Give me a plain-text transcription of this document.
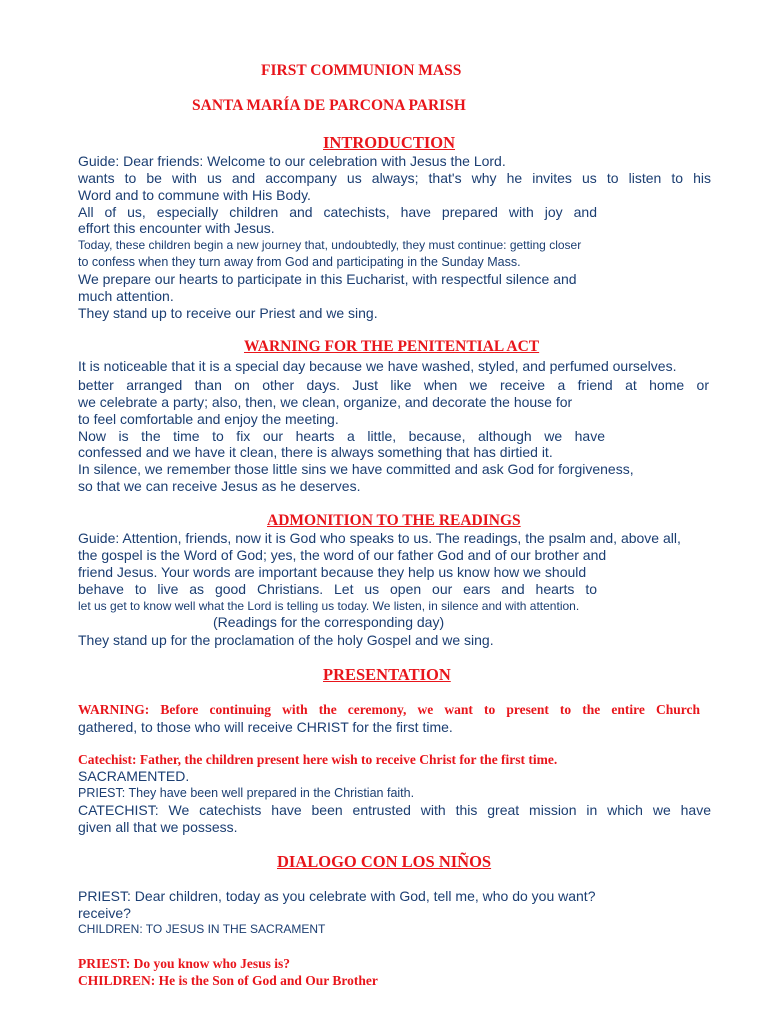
FIRST COMMUNION MASS
SANTA MARÍA DE PARCONA PARISH
INTRODUCTION
Guide: Dear friends: Welcome to our celebration with Jesus the Lord.
wants to be with us and accompany us always; that's why he invites us to listen to his
Word and to commune with His Body.
All of us, especially children and catechists, have prepared with joy and
effort this encounter with Jesus.
Today, these children begin a new journey that, undoubtedly, they must continue: getting closer
to confess when they turn away from God and participating in the Sunday Mass.
We prepare our hearts to participate in this Eucharist, with respectful silence and
much attention.
They stand up to receive our Priest and we sing.
WARNING FOR THE PENITENTIAL ACT
It is noticeable that it is a special day because we have washed, styled, and perfumed ourselves.
better arranged than on other days. Just like when we receive a friend at home or
we celebrate a party; also, then, we clean, organize, and decorate the house for
to feel comfortable and enjoy the meeting.
Now is the time to fix our hearts a little, because, although we have
confessed and we have it clean, there is always something that has dirtied it.
In silence, we remember those little sins we have committed and ask God for forgiveness,
so that we can receive Jesus as he deserves.
ADMONITION TO THE READINGS
Guide: Attention, friends, now it is God who speaks to us. The readings, the psalm and, above all,
the gospel is the Word of God; yes, the word of our father God and of our brother and
friend Jesus. Your words are important because they help us know how we should
behave to live as good Christians. Let us open our ears and hearts to
let us get to know well what the Lord is telling us today. We listen, in silence and with attention.
(Readings for the corresponding day)
They stand up for the proclamation of the holy Gospel and we sing.
PRESENTATION
WARNING: Before continuing with the ceremony, we want to present to the entire Church
gathered, to those who will receive CHRIST for the first time.
Catechist: Father, the children present here wish to receive Christ for the first time.
SACRAMENTED.
PRIEST: They have been well prepared in the Christian faith.
CATECHIST: We catechists have been entrusted with this great mission in which we have
given all that we possess.
DIALOGO CON LOS NIÑOS
PRIEST: Dear children, today as you celebrate with God, tell me, who do you want?
receive?
CHILDREN: TO JESUS IN THE SACRAMENT
PRIEST: Do you know who Jesus is?
CHILDREN: He is the Son of God and Our Brother
